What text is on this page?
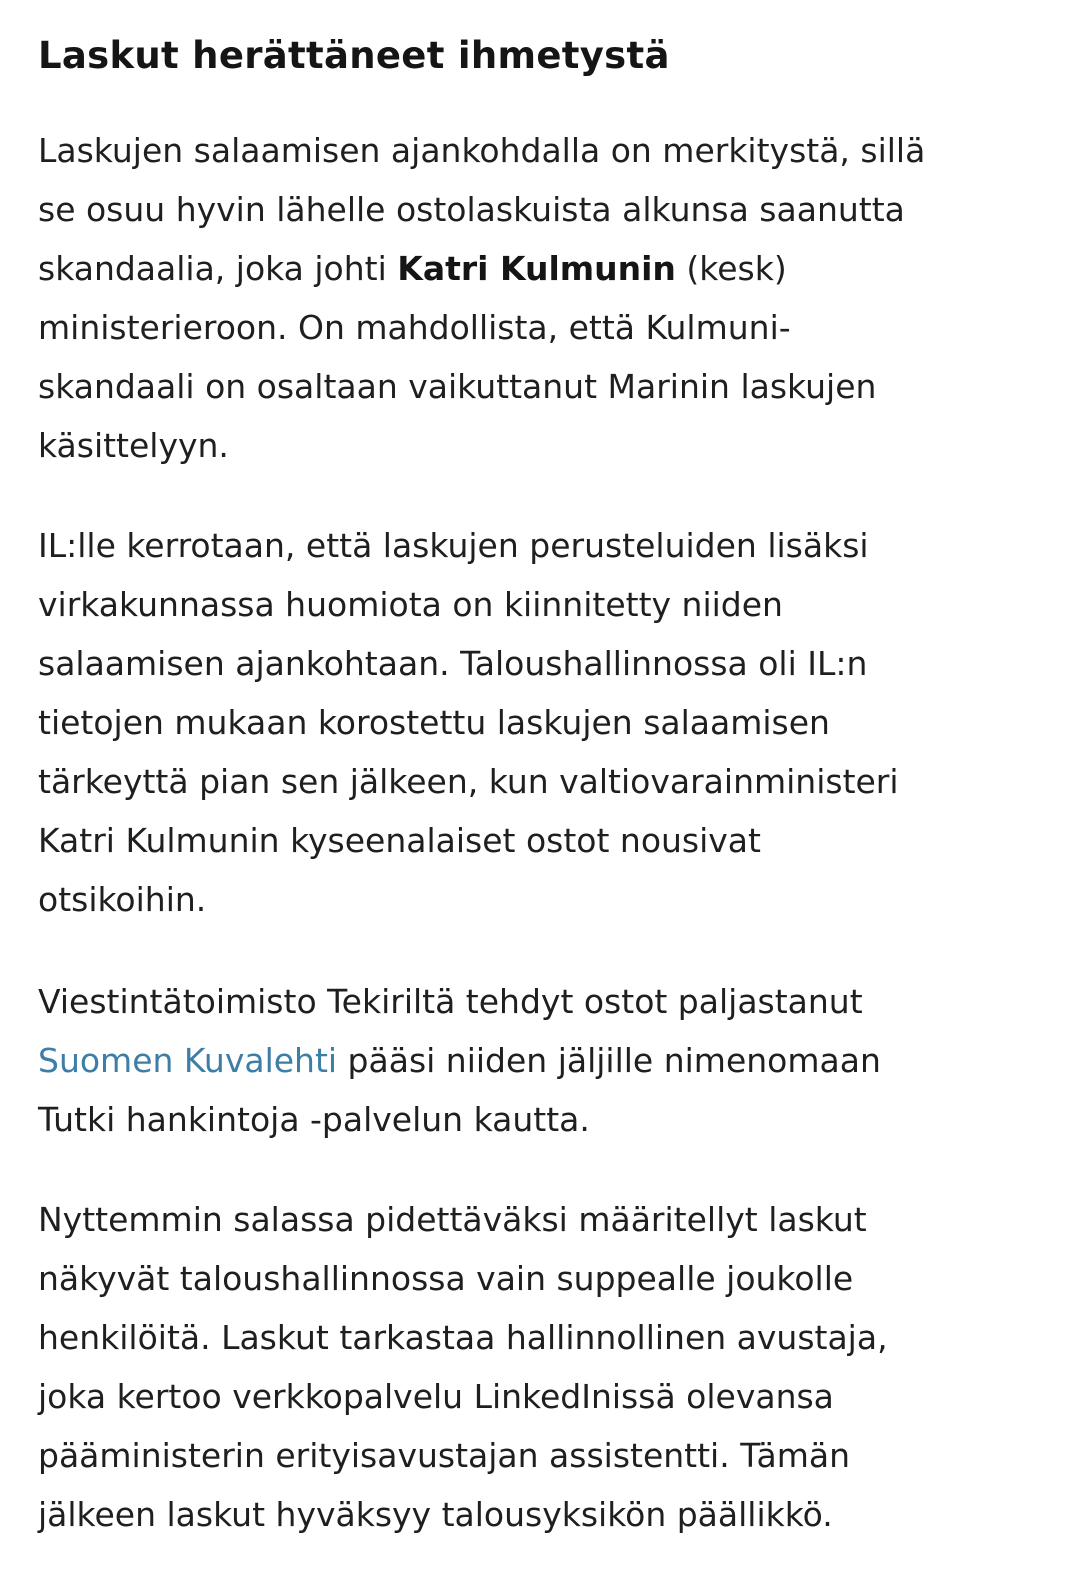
Laskut herättäneet ihmetystä

Laskujen salaamisen ajankohdalla on merkitystä, sillä
se osuu hyvin lähelle ostolaskuista alkunsa saanutta
skandaalia, joka johti Katri Kulmunin (kesk)
ministerieroon. On mahdollista, että Kulmuni-
skandaali on osaltaan vaikuttanut Marinin laskujen
käsittelyyn.

IL:lle kerrotaan, että laskujen perusteluiden lisäksi
virkakunnassa huomiota on kiinnitetty niiden
salaamisen ajankohtaan. Taloushallinnossa oli IL:n
tietojen mukaan korostettu laskujen salaamisen
tärkeyttä pian sen jälkeen, kun valtiovarainministeri
Katri Kulmunin kyseenalaiset ostot nousivat
otsikoihin.

Viestintätoimisto Tekiriltä tehdyt ostot paljastanut
Suomen Kuvalehti pääsi niiden jäljille nimenomaan
Tutki hankintoja -palvelun kautta.

Nyttemmin salassa pidettäväksi määritellyt laskut
näkyvät taloushallinnossa vain suppealle joukolle
henkilöitä. Laskut tarkastaa hallinnollinen avustaja,
joka kertoo verkkopalvelu LinkedInissä olevansa
pääministerin erityisavustajan assistentti. Tämän
jälkeen laskut hyväksyy talousyksikön päällikkö.
